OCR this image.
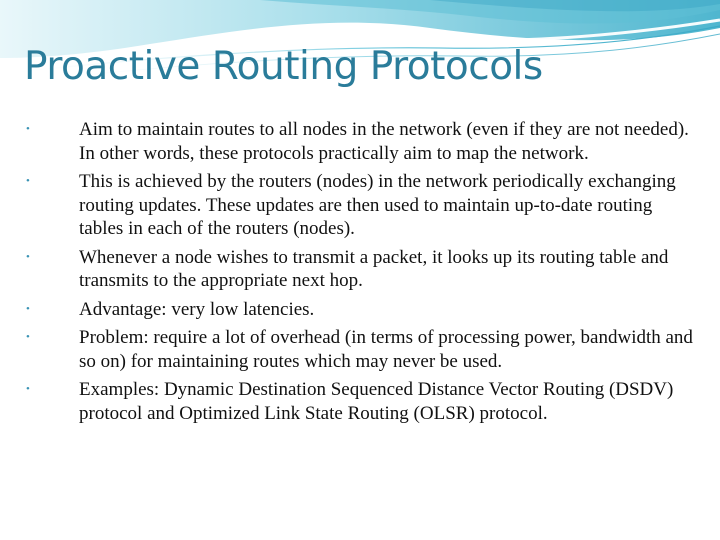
Proactive Routing Protocols
•	Aim to maintain routes to all nodes in the network (even if they are not needed). In other words, these protocols practically aim to map the network.
•	This is achieved by the routers (nodes) in the network periodically exchanging routing updates. These updates are then used to maintain up-to-date routing tables in each of the routers (nodes).
•	Whenever a node wishes to transmit a packet, it looks up its routing table and transmits to the appropriate next hop.
•	Advantage: very low latencies.
•	Problem: require a lot of overhead (in terms of processing power, bandwidth and so on) for maintaining routes which may never be used.
•	Examples: Dynamic Destination Sequenced Distance Vector Routing (DSDV) protocol and Optimized Link State Routing (OLSR) protocol.
